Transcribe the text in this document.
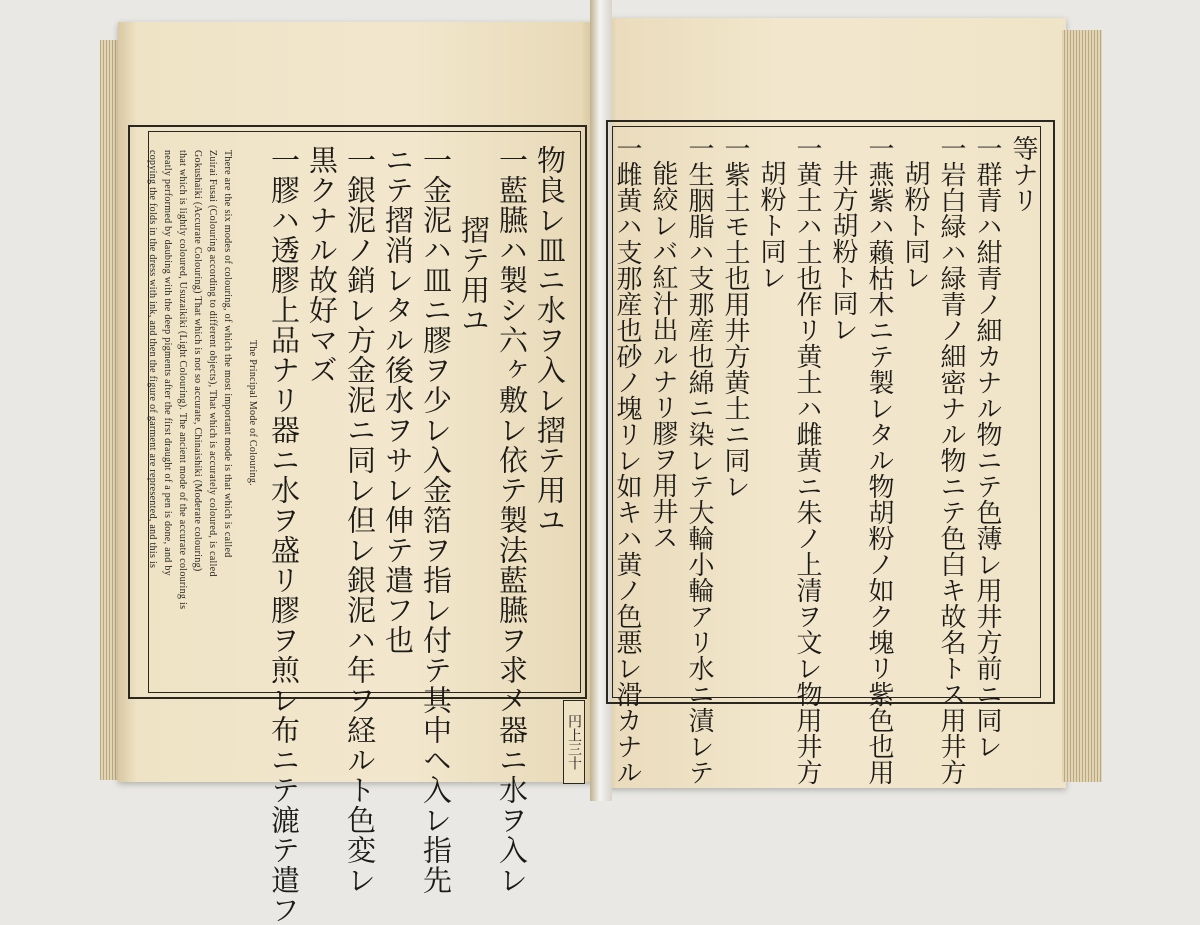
物良レ皿ニ水ヲ入レ摺テ用ユ
一藍臙ハ製シ六ヶ敷レ依テ製法藍臙ヲ求メ器ニ水ヲ入レ
摺テ用ユ
一金泥ハ皿ニ膠ヲ少レ入金箔ヲ指レ付テ其中ヘ入レ指先
ニテ摺消レタル後水ヲサレ伸テ遣フ也
一銀泥ノ銷レ方金泥ニ同レ但レ銀泥ハ年ヲ経ルト色変レ
黒クナル故好マズ
一膠ハ透膠上品ナリ器ニ水ヲ盛リ膠ヲ煎レ布ニテ漉テ遣フ
The Principal Mode of Colouring.
There are the six modes of colouring, of which the most important mode is that which is called
Zuirai Fusai (Colouring according to different objects), That which is accurately coloured, is called
Gokushaiki (Accurate Colouring) That which is not so accurate, Chinaishiki (Moderate colouring)
that which is lightly coloured, Usuzaikiki (Light Colouring). The ancient mode of the accurate colouring is
neatly performed by daubing with the deep pigments after the first draught of a pen is done, and by
copying the folds in the dress with ink, and then the figure of garment are represented, and this is
円上三十
等ナリ
一群青ハ紺青ノ細カナル物ニテ色薄レ用井方前ニ同レ
一岩白緑ハ緑青ノ細密ナル物ニテ色白キ故名トス用井方
胡粉ト同レ
一燕紫ハ藾枯木ニテ製レタル物胡粉ノ如ク塊リ紫色也用
井方胡粉ト同レ
一黄土ハ土也作リ黄土ハ雌黄ニ朱ノ上清ヲ文レ物用井方
胡粉ト同レ
一紫土モ土也用井方黄土ニ同レ
一生胭脂ハ支那産也綿ニ染レテ大輪小輪アリ水ニ漬レテ
能絞レバ紅汁出ルナリ膠ヲ用井ス
一雌黄ハ支那産也砂ノ塊リレ如キハ黄ノ色悪レ滑カナル
